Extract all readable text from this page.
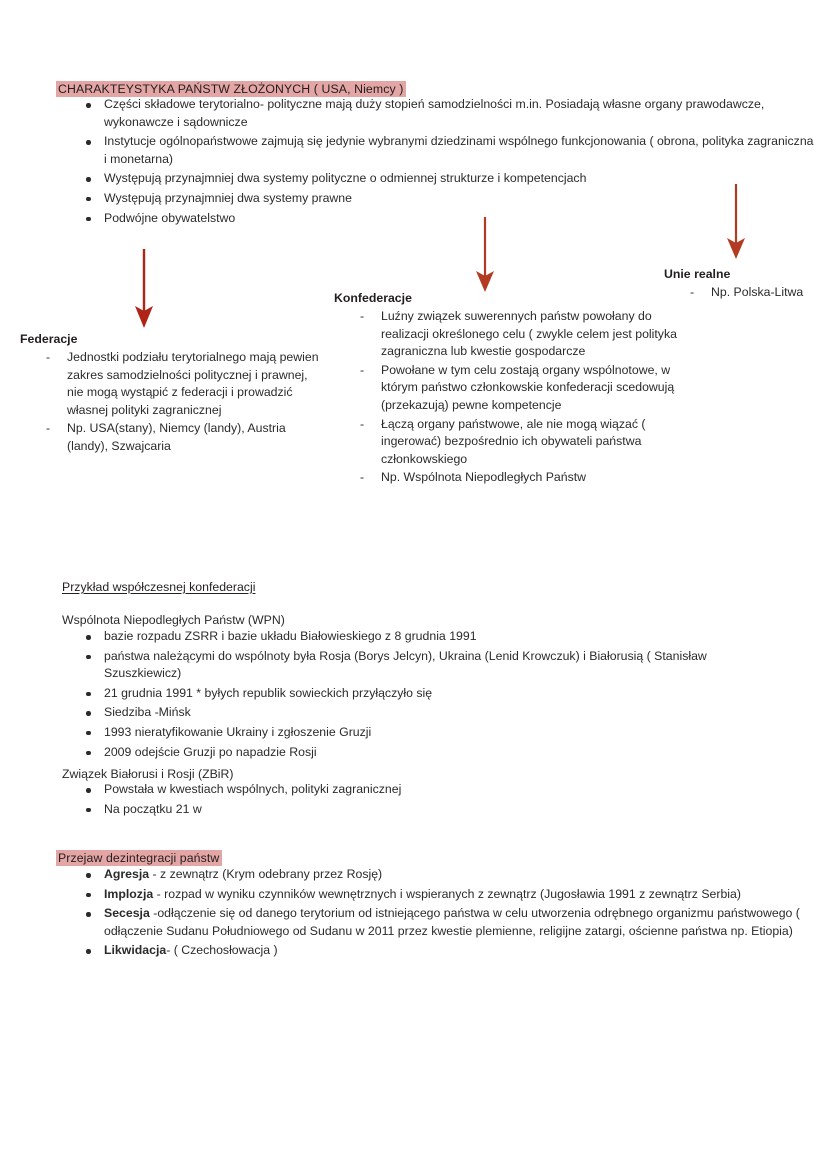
CHARAKTEYSTYKA PAŃSTW ZŁOŻONYCH ( USA, Niemcy )
Części składowe terytorialno- polityczne mają duży stopień samodzielności m.in. Posiadają własne organy prawodawcze, wykonawcze i sądownicze
Instytucje ogólnopaństwowe zajmują się jedynie wybranymi dziedzinami wspólnego funkcjonowania ( obrona, polityka zagraniczna i monetarna)
Występują przynajmniej dwa systemy polityczne o odmiennej strukturze i kompetencjach
Występują przynajmniej dwa systemy prawne
Podwójne obywatelstwo
Federacje
- Jednostki podziału terytorialnego mają pewien zakres samodzielności politycznej i prawnej, nie mogą wystąpić z federacji i prowadzić własnej polityki zagranicznej
- Np. USA(stany), Niemcy (landy), Austria (landy), Szwajcaria
Konfederacje
- Luźny związek suwerennych państw powołany do realizacji określonego celu ( zwykle celem jest polityka zagraniczna lub kwestie gospodarcze
- Powołane w tym celu zostają organy wspólnotowe, w którym państwo członkowskie konfederacji scedowują (przekazują) pewne kompetencje
- Łączą organy państwowe, ale nie mogą wiązać ( ingerować) bezpośrednio ich obywateli państwa członkowskiego
- Np. Wspólnota Niepodległych Państw
Unie realne
- Np. Polska-Litwa
Przykład współczesnej konfederacji
Wspólnota Niepodległych Państw (WPN)
bazie rozpadu ZSRR i bazie układu Białowieskiego z 8 grudnia 1991
państwa należącymi do wspólnoty była Rosja (Borys Jelcyn), Ukraina (Lenid Krowczuk) i Białorusią ( Stanisław Szuszkiewicz)
21 grudnia 1991 * byłych republik sowieckich przyłączyło się
Siedziba -Mińsk
1993 nieratyfikowanie Ukrainy i zgłoszenie Gruzji
2009 odejście Gruzji po napadzie Rosji
Związek Białorusi i Rosji (ZBiR)
Powstała w kwestiach wspólnych, polityki zagranicznej
Na początku 21 w
Przejaw dezintegracji państw
Agresja - z zewnątrz (Krym odebrany przez Rosję)
Implozja - rozpad w wyniku czynników wewnętrznych i wspieranych z zewnątrz (Jugosławia 1991 z zewnątrz Serbia)
Secesja -odłączenie się od danego terytorium od istniejącego państwa w celu utworzenia odrębnego organizmu państwowego ( odłączenie Sudanu Południowego od Sudanu w 2011 przez kwestie plemienne, religijne zatargi, ościenne państwa np. Etiopia)
Likwidacja- ( Czechosłowacja )
